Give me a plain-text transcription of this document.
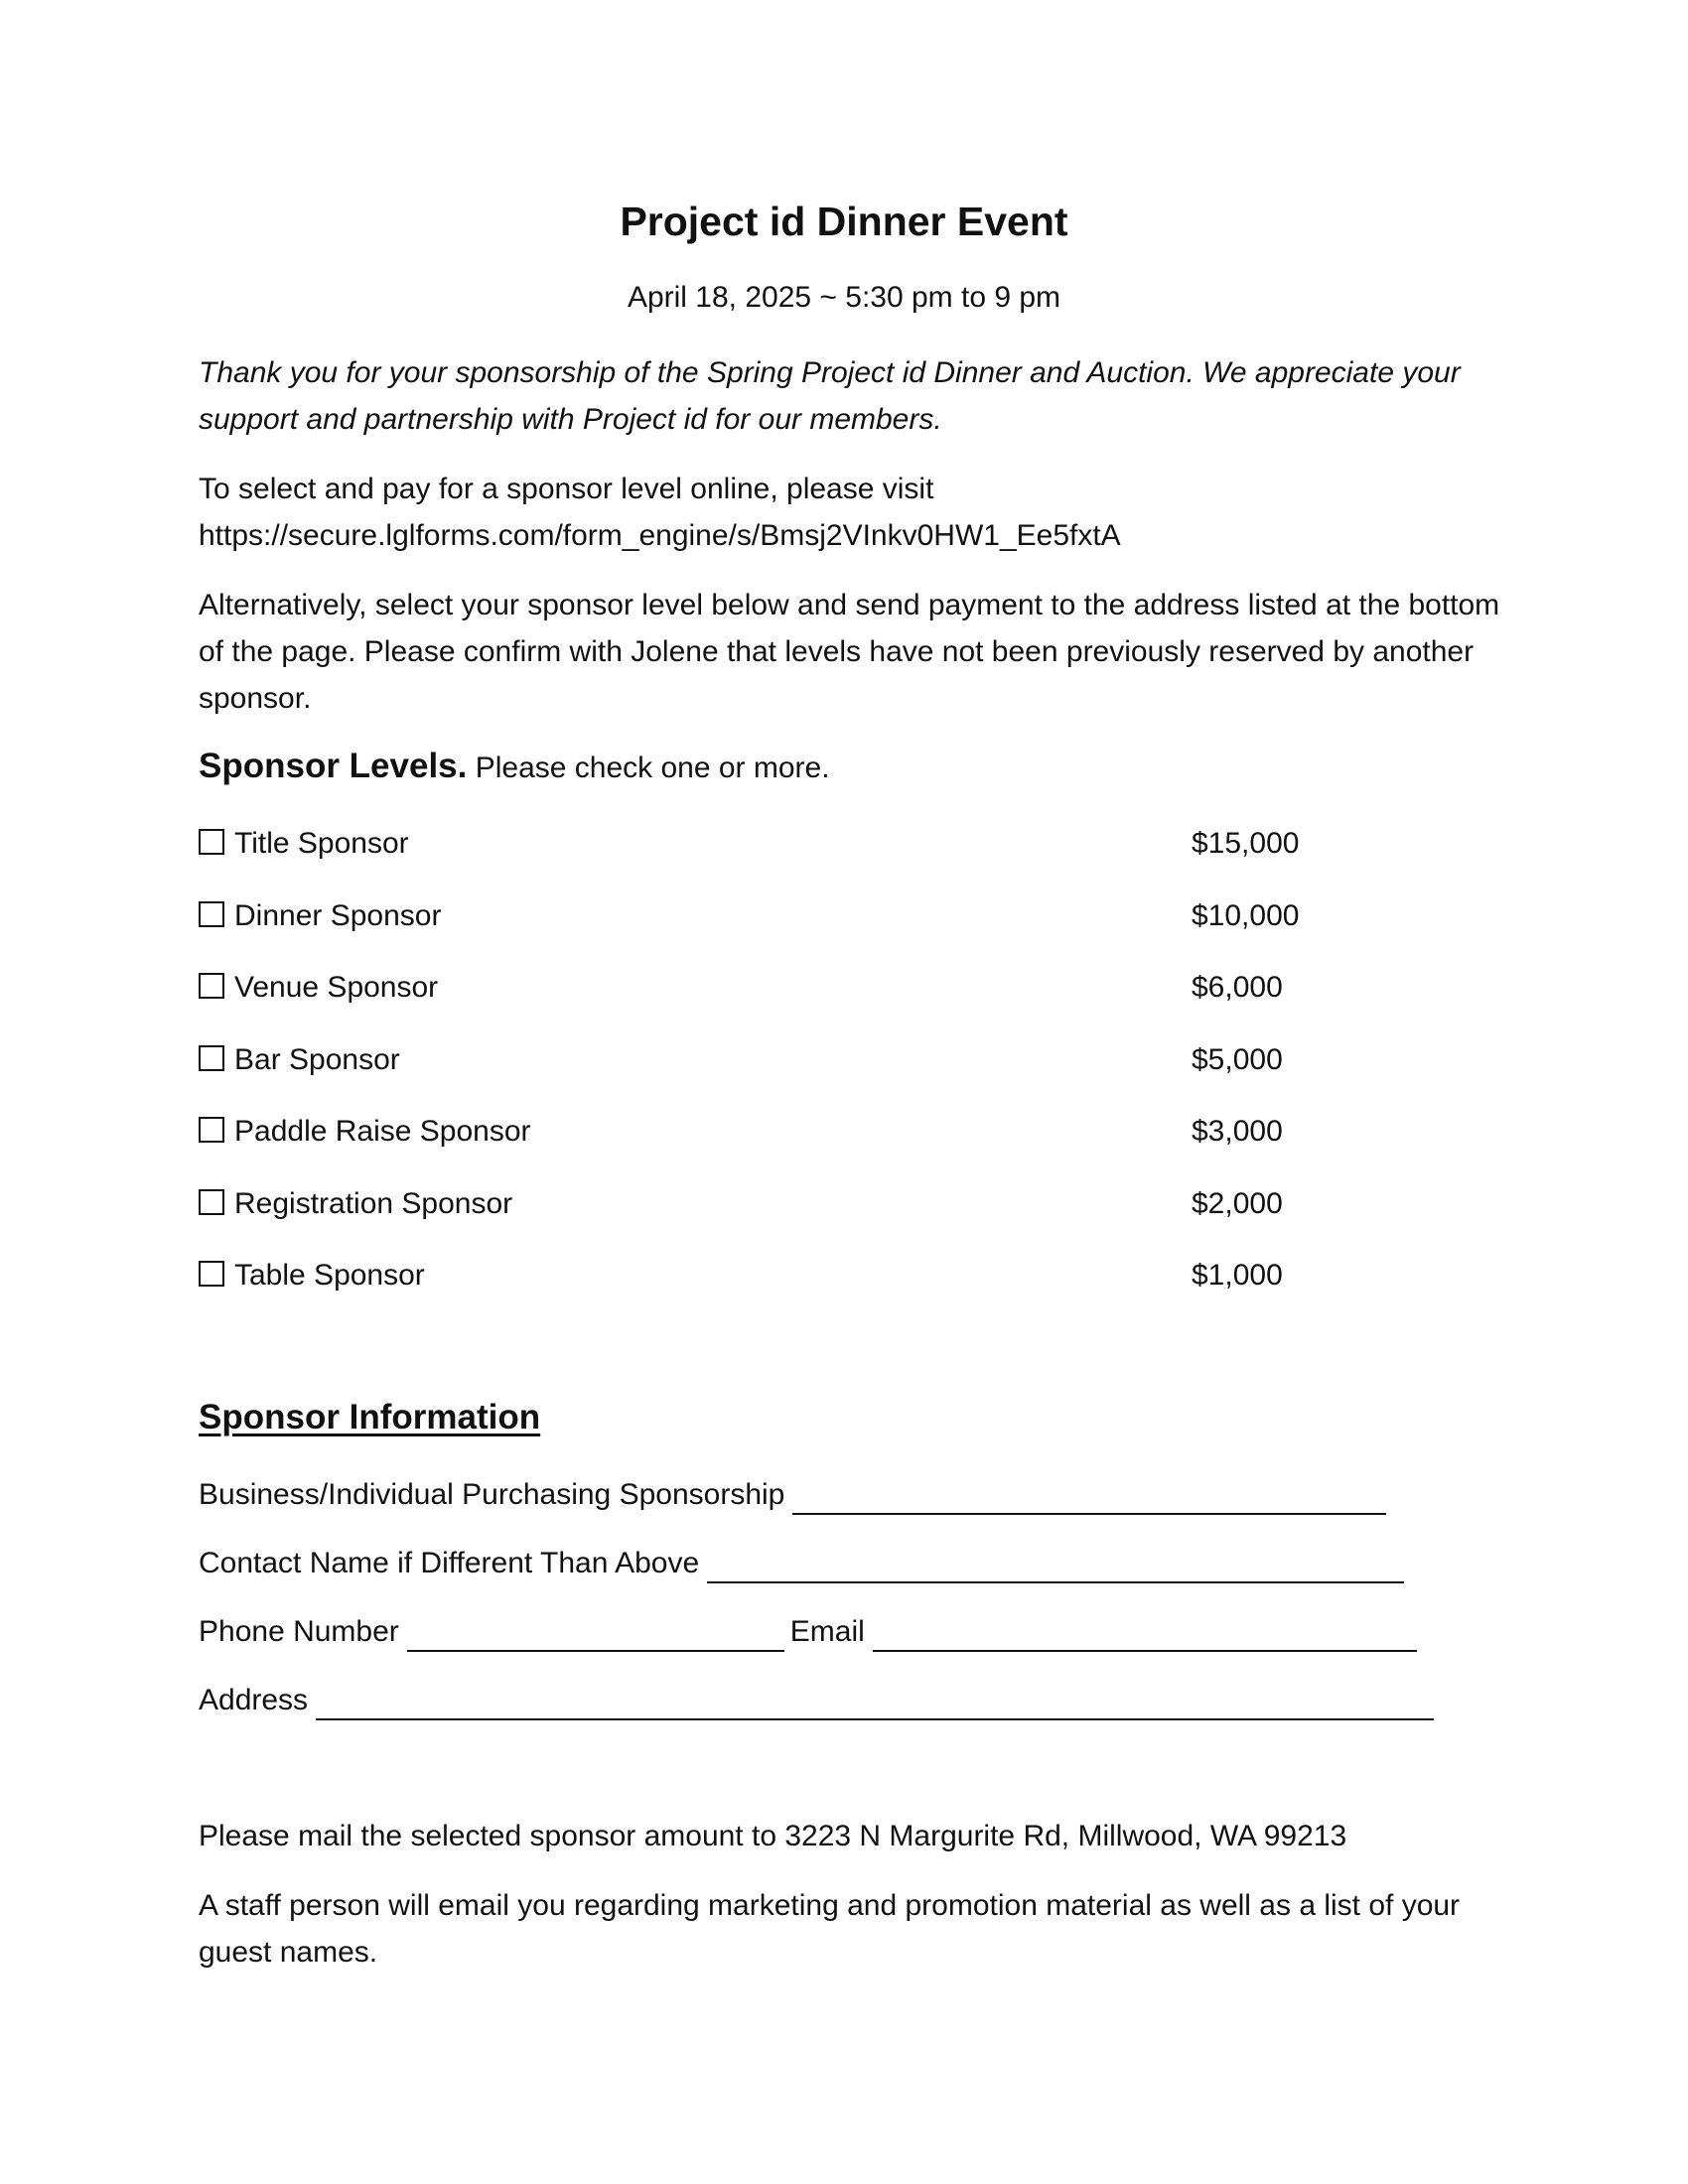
Project id Dinner Event
April 18, 2025 ~ 5:30 pm to 9 pm

Thank you for your sponsorship of the Spring Project id Dinner and Auction. We appreciate your support and partnership with Project id for our members.

To select and pay for a sponsor level online, please visit
https://secure.lglforms.com/form_engine/s/Bmsj2VInkv0HW1_Ee5fxtA

Alternatively, select your sponsor level below and send payment to the address listed at the bottom of the page. Please confirm with Jolene that levels have not been previously reserved by another sponsor.

Sponsor Levels. Please check one or more.
Title Sponsor	$15,000
Dinner Sponsor	$10,000
Venue Sponsor	$6,000
Bar Sponsor	$5,000
Paddle Raise Sponsor	$3,000
Registration Sponsor	$2,000
Table Sponsor	$1,000
Sponsor Information
Business/Individual Purchasing Sponsorship
Contact Name if Different Than Above
Phone Number	Email
Address

Please mail the selected sponsor amount to 3223 N Margurite Rd, Millwood, WA 99213

A staff person will email you regarding marketing and promotion material as well as a list of your guest names.
